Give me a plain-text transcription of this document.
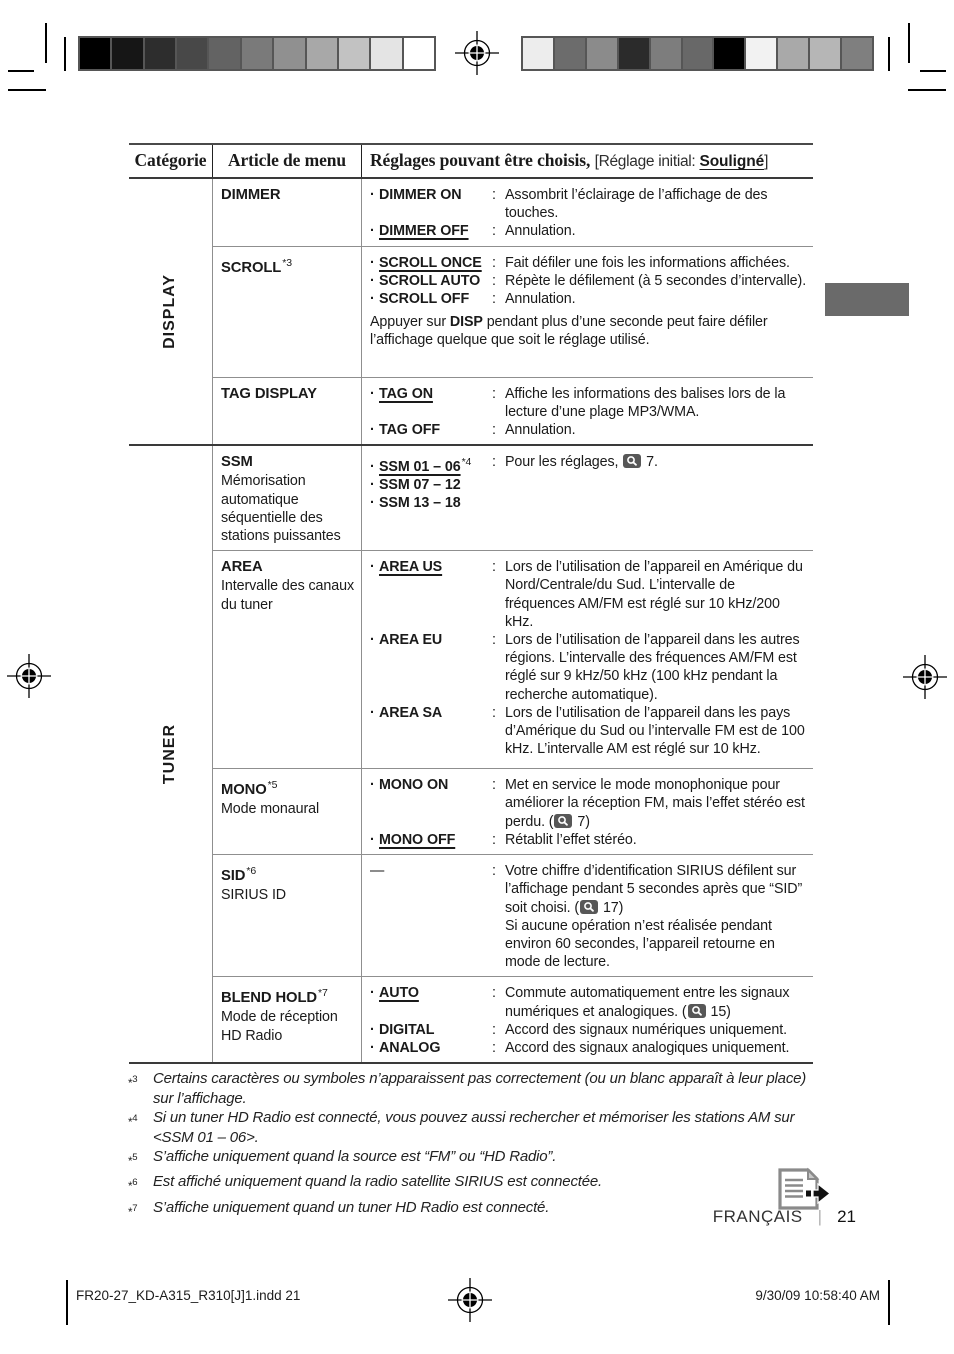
Catégorie	Article de menu	Réglages pouvant être choisis, [Réglage initial: Souligné]
DISPLAY
DIMMER	· DIMMER ON	: Assombrit l’éclairage de l’affichage de des touches.
· DIMMER OFF	: Annulation.
$SCROLL^{*3}$	· SCROLL ONCE : Fait défiler une fois les informations affichées.
· SCROLL AUTO : Répète le défilement (à 5 secondes d’intervalle).
· SCROLL OFF	: Annulation.
Appuyer sur DISP pendant plus d’une seconde peut faire défiler l’affichage quelque que soit le réglage utilisé.
TAG DISPLAY	· TAG ON	: Affiche les informations des balises lors de la lecture d’une plage MP3/WMA.
· TAG OFF	: Annulation.
TUNER
SSM
Mémorisation automatique séquentielle des stations puissantes
· SSM 01 – 06$^{*4}$	: Pour les réglages,  7.
· SSM 07 – 12
· SSM 13 – 18
AREA
Intervalle des canaux du tuner
· AREA US	: Lors de l’utilisation de l’appareil en Amérique du Nord/Centrale/du Sud. L’intervalle de fréquences AM/FM est réglé sur 10 kHz/200 kHz.
· AREA EU	: Lors de l’utilisation de l’appareil dans les autres régions. L’intervalle des fréquences AM/FM est réglé sur 9 kHz/50 kHz (100 kHz pendant la recherche automatique).
· AREA SA	: Lors de l’utilisation de l’appareil dans les pays d’Amérique du Sud ou l’intervalle FM est de 100 kHz. L’intervalle AM est réglé sur 10 kHz.
MONO$^{*5}$
Mode monaural
· MONO ON	: Met en service le mode monophonique pour améliorer la réception FM, mais l’effet stéréo est perdu. ( 7)
· MONO OFF	: Rétablit l’effet stéréo.
SID$^{*6}$
SIRIUS ID
—	: Votre chiffre d’identification SIRIUS défilent sur l’affichage pendant 5 secondes après que “SID” soit choisi. ( 17)
Si aucune opération n’est réalisée pendant environ 60 secondes, l’appareil retourne en mode de lecture.
BLEND HOLD$^{*7}$
Mode de réception HD Radio
· AUTO	: Commute automatiquement entre les signaux numériques et analogiques. ( 15)
· DIGITAL	: Accord des signaux numériques uniquement.
· ANALOG	: Accord des signaux analogiques uniquement.
*$^3$	Certains caractères ou symboles n’apparaissent pas correctement (ou un blanc apparaît à leur place) sur l’affichage.
*$^4$	Si un tuner HD Radio est connecté, vous pouvez aussi rechercher et mémoriser les stations AM sur <SSM 01 – 06>.
*$^5$	S’affiche uniquement quand la source est “FM” ou “HD Radio”.
*$^6$	Est affiché uniquement quand la radio satellite SIRIUS est connectée.
*$^7$	S’affiche uniquement quand un tuner HD Radio est connecté.	FRANÇAIS | 21
FR20-27_KD-A315_R310[J]1.indd 21	9/30/09 10:58:40 AM
